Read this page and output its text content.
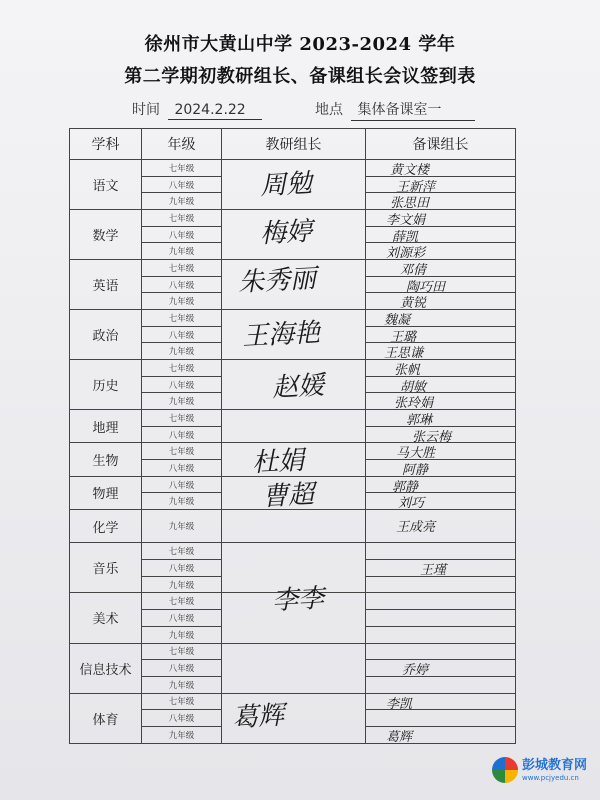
徐州市大黄山中学 2023-2024 学年
第二学期初教研组长、备课组长会议签到表
时间 2024.2.22	地点 集体备课室一
学科	年级	教研组长	备课组长
语文	七年级	周勉	黄文楼

	八年级		王新萍

	九年级		张思田

数学	七年级	梅婷	李文娟

	八年级		薛凯

	九年级		刘源彩

英语	七年级	朱秀丽	邓倩

	八年级		陶巧田

	九年级		黄锐

政治	七年级	王海艳	魏凝

	八年级		王璐

	九年级		王思谦

历史	七年级	赵媛	张帆

	八年级		胡敏

	九年级		张玲娟

地理	七年级		郭琳

	八年级		张云梅

生物	七年级	杜娟	马大胜

	八年级		阿静

物理	八年级	曹超	郭静

	九年级		刘巧

化学	九年级		王成亮

音乐	七年级		
	八年级		王瑾

	九年级		
美术	七年级	李李	

	八年级		
	九年级		
信息技术	七年级		
	八年级		乔婷

	九年级		
体育	七年级	葛辉	李凯

	八年级		
	九年级		葛辉
彭城教育网
www.pcjyedu.cn
